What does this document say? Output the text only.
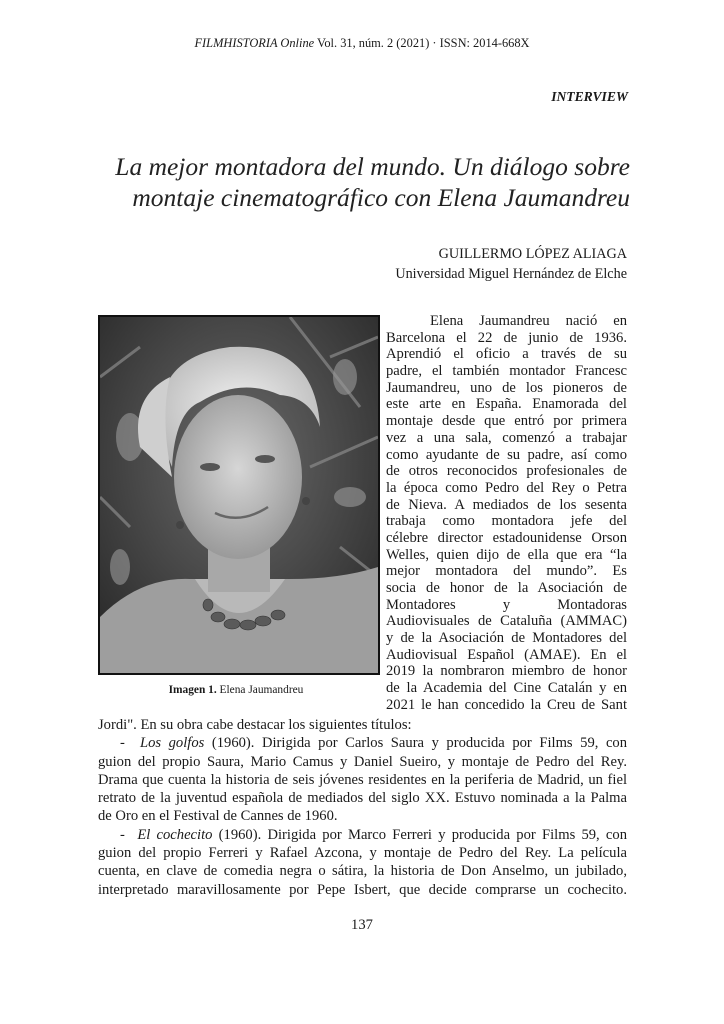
FILMHISTORIA Online Vol. 31, núm. 2 (2021) · ISSN: 2014-668X
INTERVIEW
La mejor montadora del mundo. Un diálogo sobre
montaje cinematográfico con Elena Jaumandreu
GUILLERMO LÓPEZ ALIAGA
Universidad Miguel Hernández de Elche
Imagen 1. Elena Jaumandreu
Elena Jaumandreu nació en
Barcelona el 22 de junio de 1936.
Aprendió el oficio a través de su
padre, el también montador Francesc
Jaumandreu, uno de los pioneros de
este arte en España. Enamorada del
montaje desde que entró por primera
vez a una sala, comenzó a trabajar
como ayudante de su padre, así como
de otros reconocidos profesionales de
la época como Pedro del Rey o Petra
de Nieva. A mediados de los sesenta
trabaja como montadora jefe del
célebre director estadounidense Orson
Welles, quien dijo de ella que era “la
mejor montadora del mundo”. Es
socia de honor de la Asociación de
Montadores y Montadoras
Audiovisuales de Cataluña (AMMAC)
y de la Asociación de Montadores del
Audiovisual Español (AMAE). En el
2019 la nombraron miembro de honor
de la Academia del Cine Catalán y en
2021 le han concedido la Creu de Sant
Jordi". En su obra cabe destacar los siguientes títulos:
- Los golfos (1960). Dirigida por Carlos Saura y producida por Films 59, con
guion del propio Saura, Mario Camus y Daniel Sueiro, y montaje de Pedro del Rey.
Drama que cuenta la historia de seis jóvenes residentes en la periferia de Madrid, un fiel
retrato de la juventud española de mediados del siglo XX. Estuvo nominada a la Palma
de Oro en el Festival de Cannes de 1960.
- El cochecito (1960). Dirigida por Marco Ferreri y producida por Films 59, con
guion del propio Ferreri y Rafael Azcona, y montaje de Pedro del Rey. La película
cuenta, en clave de comedia negra o sátira, la historia de Don Anselmo, un jubilado,
interpretado maravillosamente por Pepe Isbert, que decide comprarse un cochecito.
137
